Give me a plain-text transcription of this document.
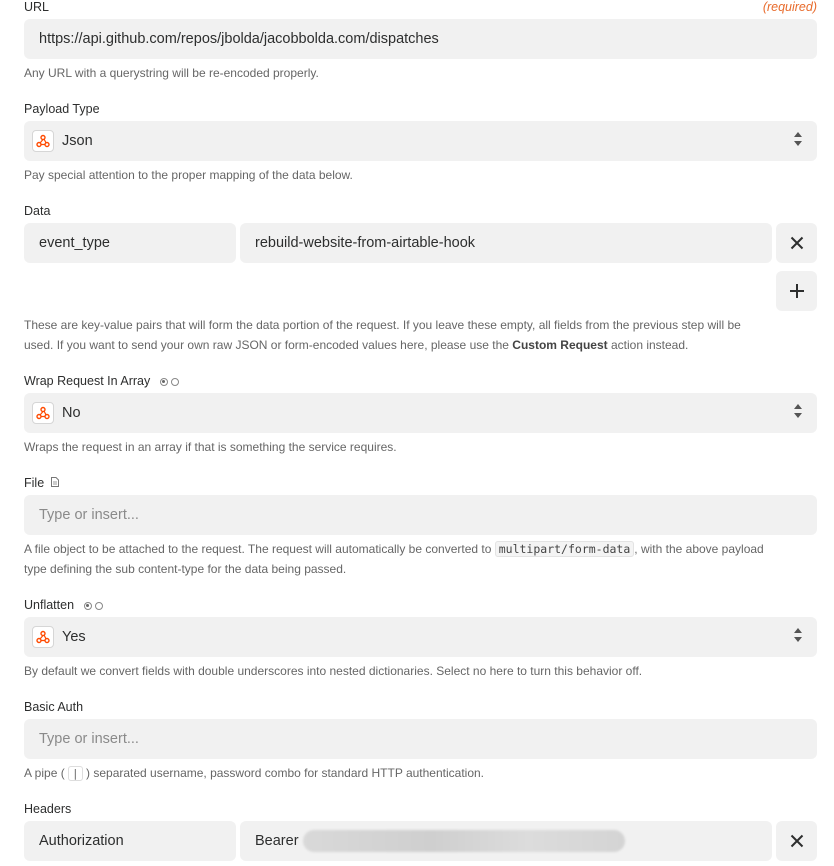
URL	(required)
https://api.github.com/repos/jbolda/jacobbolda.com/dispatches
Any URL with a querystring will be re-encoded properly.
Payload Type
Json
Pay special attention to the proper mapping of the data below.
Data
event_type	rebuild-website-from-airtable-hook
These are key-value pairs that will form the data portion of the request. If you leave these empty, all fields from the previous step will be
used. If you want to send your own raw JSON or form-encoded values here, please use the Custom Request action instead.
Wrap Request In Array
No
Wraps the request in an array if that is something the service requires.
File
Type or insert...
A file object to be attached to the request. The request will automatically be converted to multipart/form-data , with the above payload
type defining the sub content-type for the data being passed.
Unflatten
Yes
By default we convert fields with double underscores into nested dictionaries. Select no here to turn this behavior off.
Basic Auth
Type or insert...
A pipe ( | ) separated username, password combo for standard HTTP authentication.
Headers
Authorization	Bearer
